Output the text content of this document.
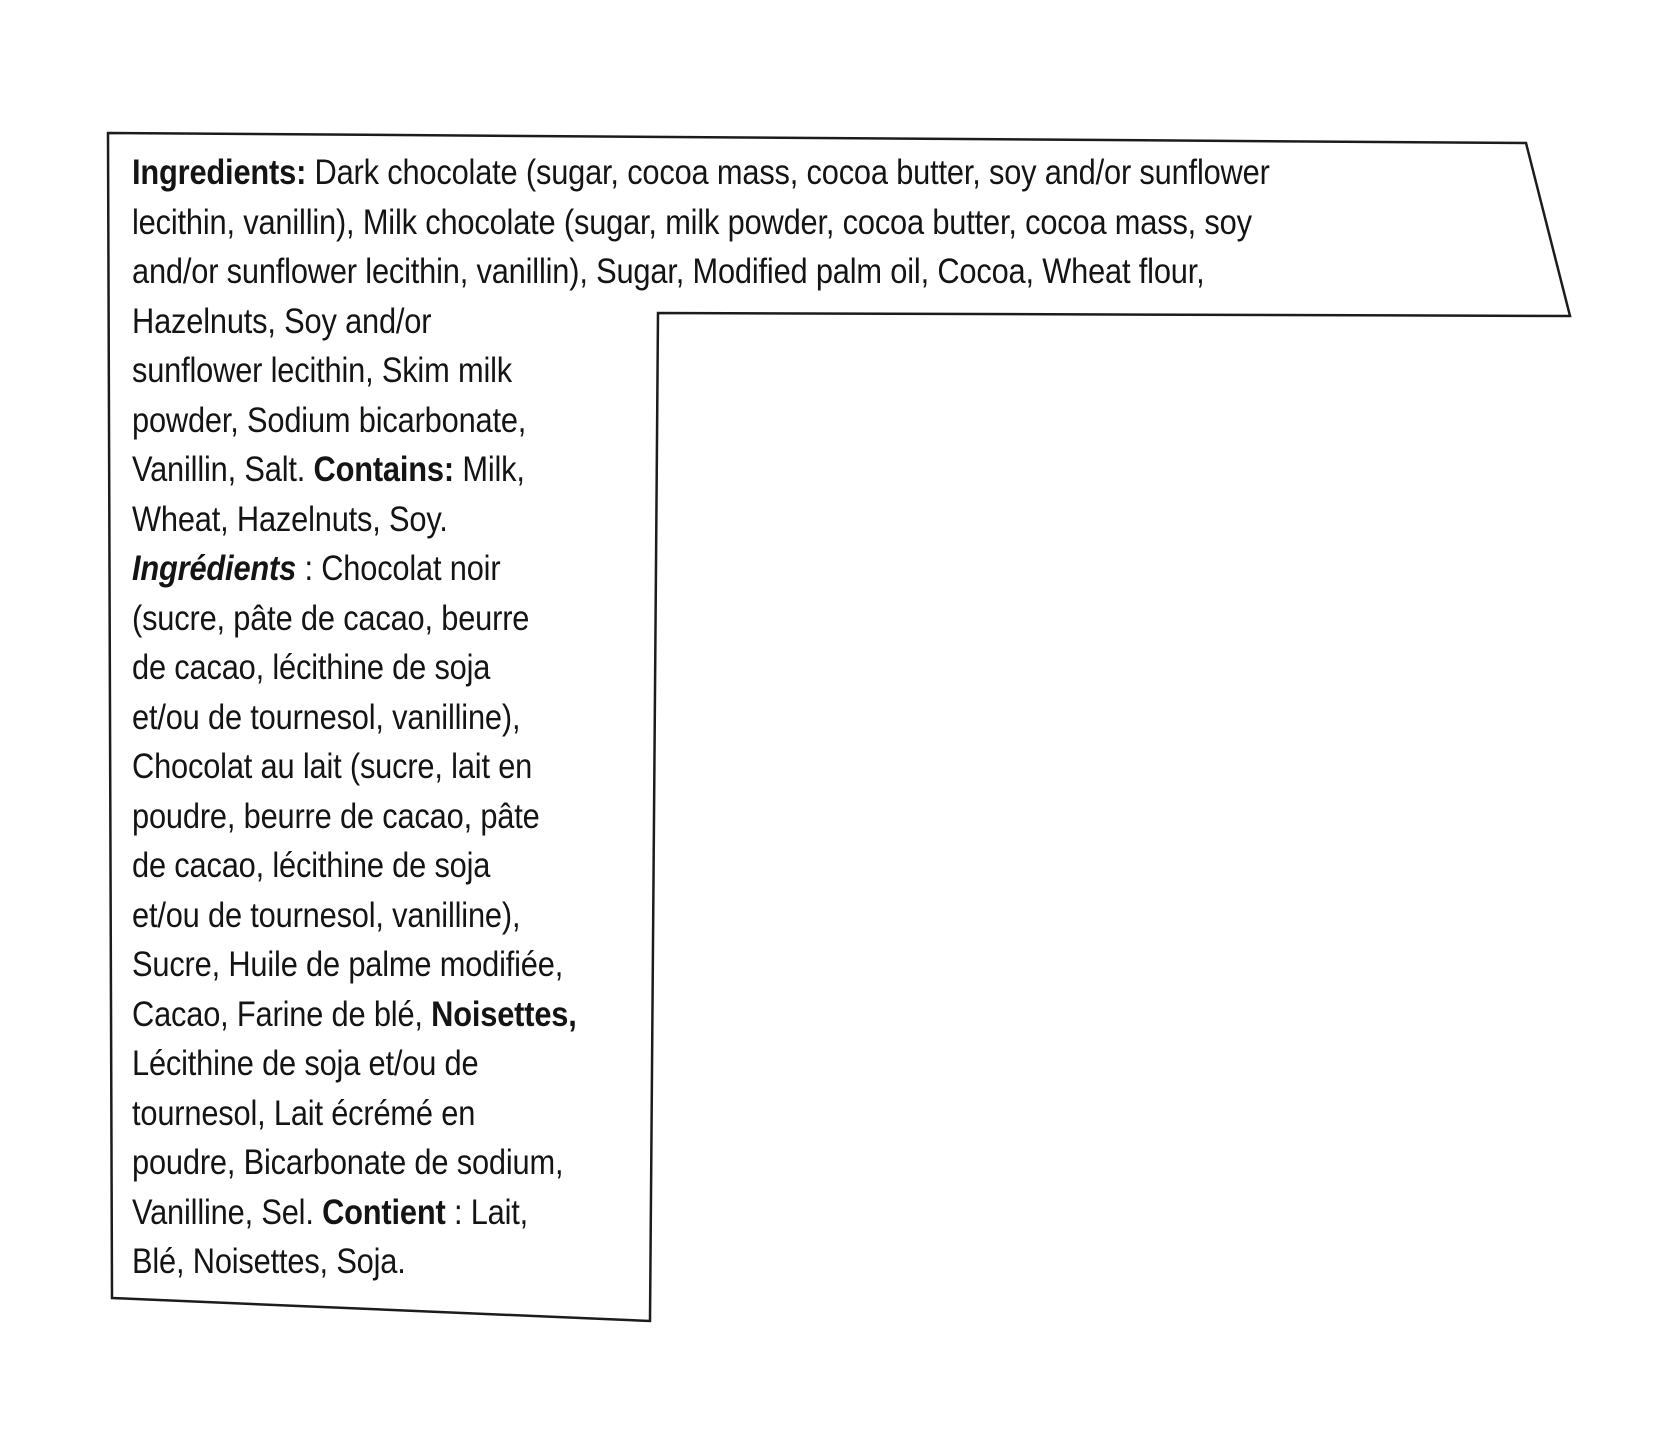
Ingredients: Dark chocolate (sugar, cocoa mass, cocoa butter, soy and/or sunflower
lecithin, vanillin), Milk chocolate (sugar, milk powder, cocoa butter, cocoa mass, soy
and/or sunflower lecithin, vanillin), Sugar, Modified palm oil, Cocoa, Wheat flour,
Hazelnuts, Soy and/or
sunflower lecithin, Skim milk
powder, Sodium bicarbonate,
Vanillin, Salt. Contains: Milk,
Wheat, Hazelnuts, Soy.
Ingrédients : Chocolat noir
(sucre, pâte de cacao, beurre
de cacao, lécithine de soja
et/ou de tournesol, vanilline),
Chocolat au lait (sucre, lait en
poudre, beurre de cacao, pâte
de cacao, lécithine de soja
et/ou de tournesol, vanilline),
Sucre, Huile de palme modifiée,
Cacao, Farine de blé, Noisettes,
Lécithine de soja et/ou de
tournesol, Lait écrémé en
poudre, Bicarbonate de sodium,
Vanilline, Sel. Contient : Lait,
Blé, Noisettes, Soja.
